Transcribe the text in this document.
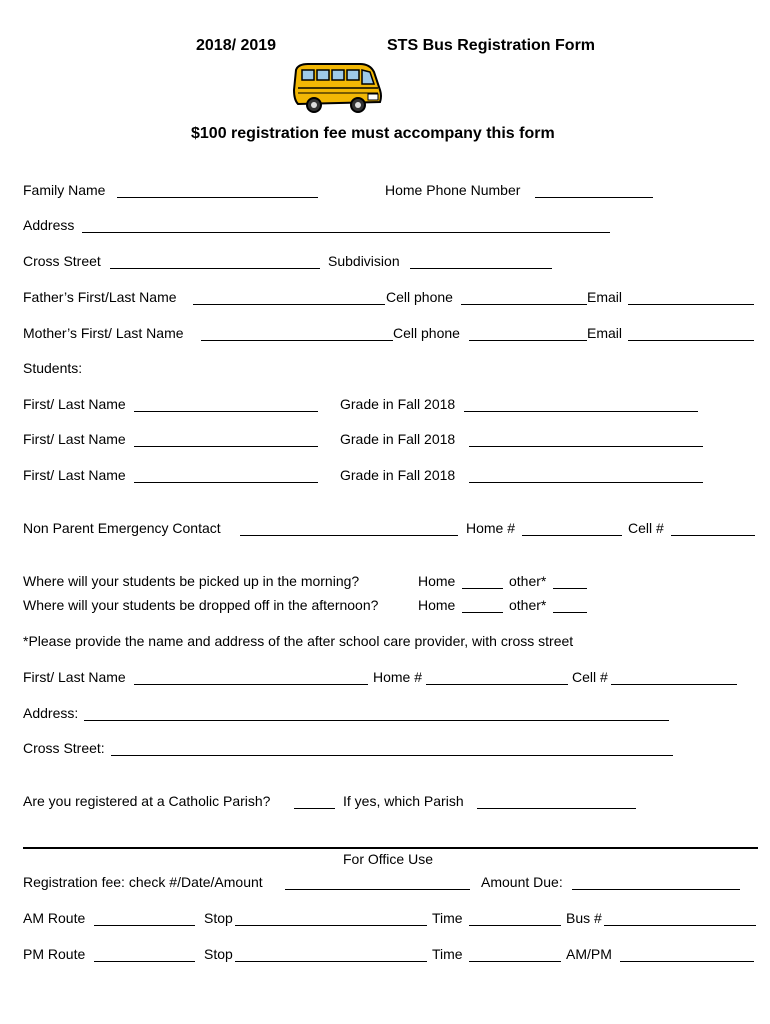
2018/ 2019	STS Bus Registration Form
$100 registration fee must accompany this form
Family Name	Home Phone Number
Address
Cross Street	Subdivision
Father’s First/Last Name	Cell phone	Email
Mother’s First/ Last Name	Cell phone	Email
Students:
First/ Last Name	Grade in Fall 2018
First/ Last Name	Grade in Fall 2018
First/ Last Name	Grade in Fall 2018
Non Parent Emergency Contact	Home #	Cell #
Where will your students be picked up in the morning?	Home	other*
Where will your students be dropped off in the afternoon?	Home	other*
*Please provide the name and address of the after school care provider, with cross street
First/ Last Name	Home #	Cell #
Address:
Cross Street:
Are you registered at a Catholic Parish?	If yes, which Parish
For Office Use
Registration fee: check #/Date/Amount	Amount Due:
AM Route	Stop	Time	Bus #
PM Route	Stop	Time	AM/PM
